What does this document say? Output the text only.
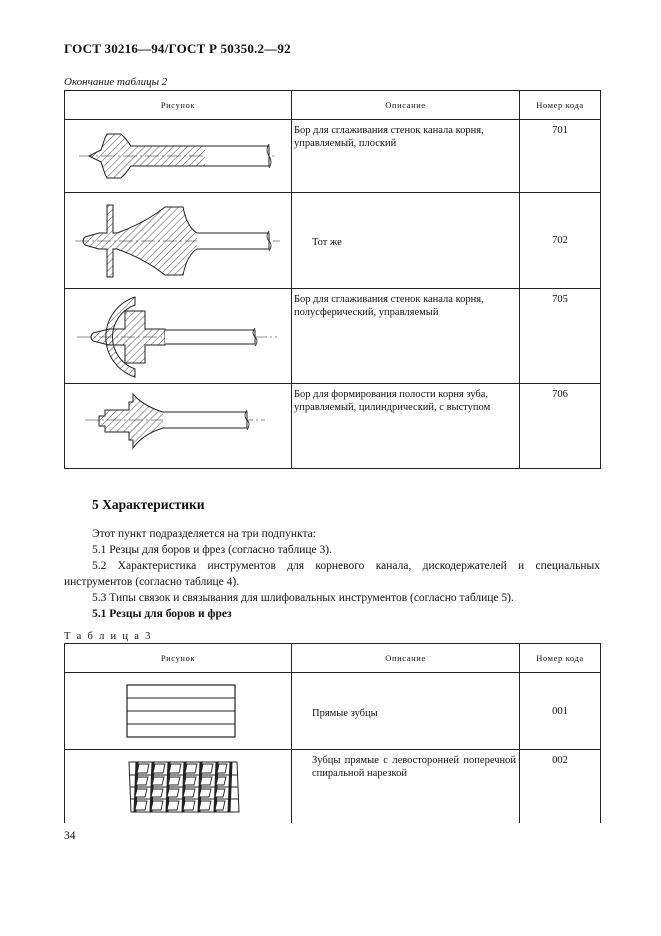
ГОСТ 30216—94/ГОСТ Р 50350.2—92
Окончание таблицы 2
Рисунок	Описание	Номер кода

	Бор для сглаживания стенок канала корня, управляемый, плоский	701

	Тот же	702

	Бор для сглаживания стенок канала корня, полусферический, управляемый	705

	Бор для формирования полости корня зуба, управляемый, цилиндрический, с выступом	706
5 Характеристики
Этот пункт подразделяется на три подпункта:
5.1 Резцы для боров и фрез (согласно таблице 3).
5.2 Характеристика инструментов для корневого канала, дискодержателей и специальных инструментов (согласно таблице 4).
5.3 Типы связок и связывания для шлифовальных инструментов (согласно таблице 5).
5.1 Резцы для боров и фрез
Т а б л и ц а 3
Рисунок	Описание	Номер кода

	Прямые зубцы	001

	Зубцы прямые с левосторонней поперечной спиральной нарезкой	002
34
